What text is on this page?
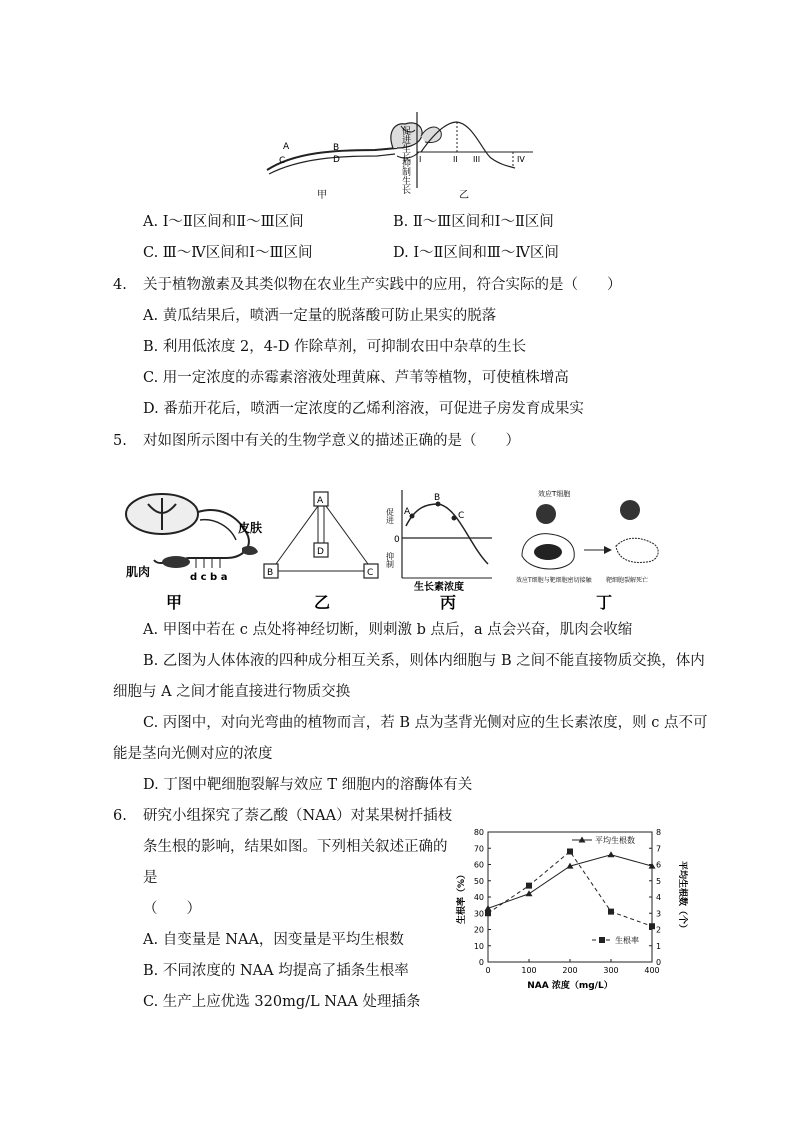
A	B
C	D
甲
促进生长
抑制生长 I	II III	IV
乙
A. Ⅰ～Ⅱ区间和Ⅱ～Ⅲ区间	B. Ⅱ～Ⅲ区间和Ⅰ～Ⅱ区间
C. Ⅲ～Ⅳ区间和Ⅰ～Ⅲ区间	D. Ⅰ～Ⅱ区间和Ⅲ～Ⅳ区间
4. 关于植物激素及其类似物在农业生产实践中的应用，符合实际的是（　　）
A. 黄瓜结果后，喷洒一定量的脱落酸可防止果实的脱落
B. 利用低浓度 2，4-D 作除草剂，可抑制农田中杂草的生长
C. 用一定浓度的赤霉素溶液处理黄麻、芦苇等植物，可使植株增高
D. 番茄开花后，喷洒一定浓度的乙烯利溶液，可促进子房发育成果实
5. 对如图所示图中有关的生物学意义的描述正确的是（　　）
皮肤
肌肉	d c b a
甲
A
B	C
D
乙
促进
抑制
0
A
B
C
生长素浓度
丙
效应T细胞
效应T细胞与靶细胞密切接触 靶细胞裂解死亡
丁
A. 甲图中若在 c 点处将神经切断，则刺激 b 点后，a 点会兴奋，肌肉会收缩
B. 乙图为人体体液的四种成分相互关系，则体内细胞与 B 之间不能直接物质交换，体内
细胞与 A 之间才能直接进行物质交换
C. 丙图中，对向光弯曲的植物而言，若 B 点为茎背光侧对应的生长素浓度，则 c 点不可
能是茎向光侧对应的浓度
D. 丁图中靶细胞裂解与效应 T 细胞内的溶酶体有关
6. 研究小组探究了萘乙酸（NAA）对某果树扦插枝
条生根的影响，结果如图。下列相关叙述正确的
是
（　　）
A. 自变量是 NAA，因变量是平均生根数
B. 不同浓度的 NAA 均提高了插条生根率
C. 生产上应优选 320mg/L NAA 处理插条
0	100	200	300	400
0
10
20
30
40
50
60
70
80
0
1
2
3
4
5
6
7
8
平均生根数
生根率
NAA 浓度（mg/L）
生根率（%）	平均生根数（个）
